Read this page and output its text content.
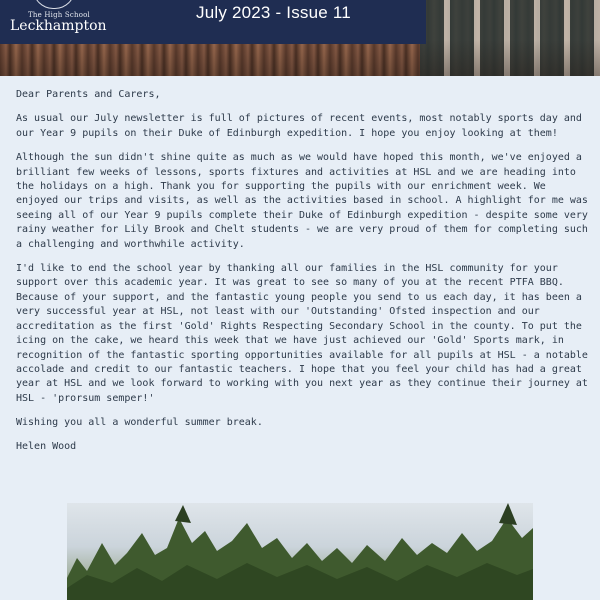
The High School
Leckhampton
July 2023 - Issue 11

Dear Parents and Carers,

As usual our July newsletter is full of pictures of recent events, most notably sports day and our Year 9 pupils on their Duke of Edinburgh expedition. I hope you enjoy looking at them!

Although the sun didn't shine quite as much as we would have hoped this month, we've enjoyed a brilliant few weeks of lessons, sports fixtures and activities at HSL and we are heading into the holidays on a high. Thank you for supporting the pupils with our enrichment week. We enjoyed our trips and visits, as well as the activities based in school. A highlight for me was seeing all of our Year 9 pupils complete their Duke of Edinburgh expedition - despite some very rainy weather for Lily Brook and Chelt students - we are very proud of them for completing such a challenging and worthwhile activity.

I'd like to end the school year by thanking all our families in the HSL community for your support over this academic year. It was great to see so many of you at the recent PTFA BBQ. Because of your support, and the fantastic young people you send to us each day, it has been a very successful year at HSL, not least with our 'Outstanding' Ofsted inspection and our accreditation as the first 'Gold' Rights Respecting Secondary School in the county. To put the icing on the cake, we heard this week that we have just achieved our 'Gold' Sports mark, in recognition of the fantastic sporting opportunities available for all pupils at HSL - a notable accolade and credit to our fantastic teachers. I hope that you feel your child has had a great year at HSL and we look forward to working with you next year as they continue their journey at HSL - 'prorsum semper!'

Wishing you all a wonderful summer break.

Helen Wood
